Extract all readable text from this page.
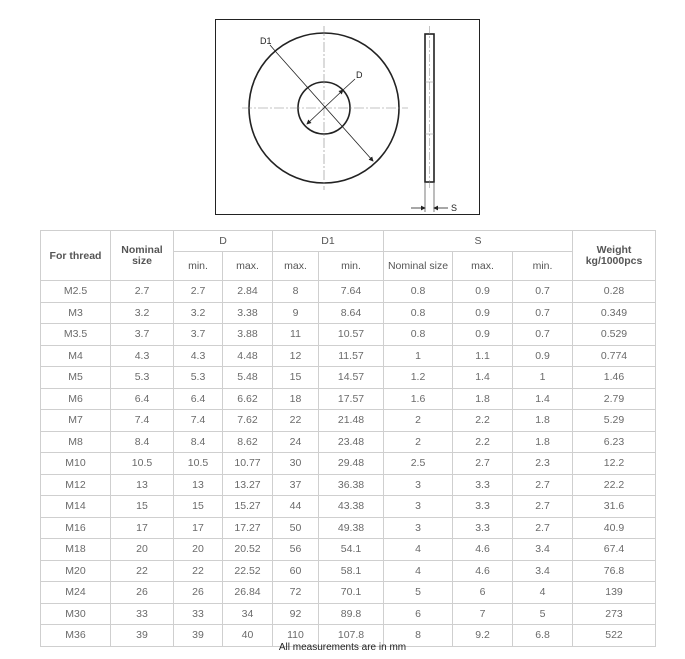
D1
D
S
For thread	Nominal size	D		D1		S			Weight kg/1000pcs

		min.	max.	max.	min.	Nominal size	max.	min.	
M2.5	2.7	2.7	2.84	8	7.64	0.8	0.9	0.7	0.28
M3	3.2	3.2	3.38	9	8.64	0.8	0.9	0.7	0.349
M3.5	3.7	3.7	3.88	11	10.57	0.8	0.9	0.7	0.529
M4	4.3	4.3	4.48	12	11.57	1	1.1	0.9	0.774
M5	5.3	5.3	5.48	15	14.57	1.2	1.4	1	1.46
M6	6.4	6.4	6.62	18	17.57	1.6	1.8	1.4	2.79
M7	7.4	7.4	7.62	22	21.48	2	2.2	1.8	5.29
M8	8.4	8.4	8.62	24	23.48	2	2.2	1.8	6.23
M10	10.5	10.5	10.77	30	29.48	2.5	2.7	2.3	12.2
M12	13	13	13.27	37	36.38	3	3.3	2.7	22.2
M14	15	15	15.27	44	43.38	3	3.3	2.7	31.6
M16	17	17	17.27	50	49.38	3	3.3	2.7	40.9
M18	20	20	20.52	56	54.1	4	4.6	3.4	67.4
M20	22	22	22.52	60	58.1	4	4.6	3.4	76.8
M24	26	26	26.84	72	70.1	5	6	4	139
M30	33	33	34	92	89.8	6	7	5	273
M36	39	39	40	110	107.8	8	9.2	6.8	522
All measurements are in mm
